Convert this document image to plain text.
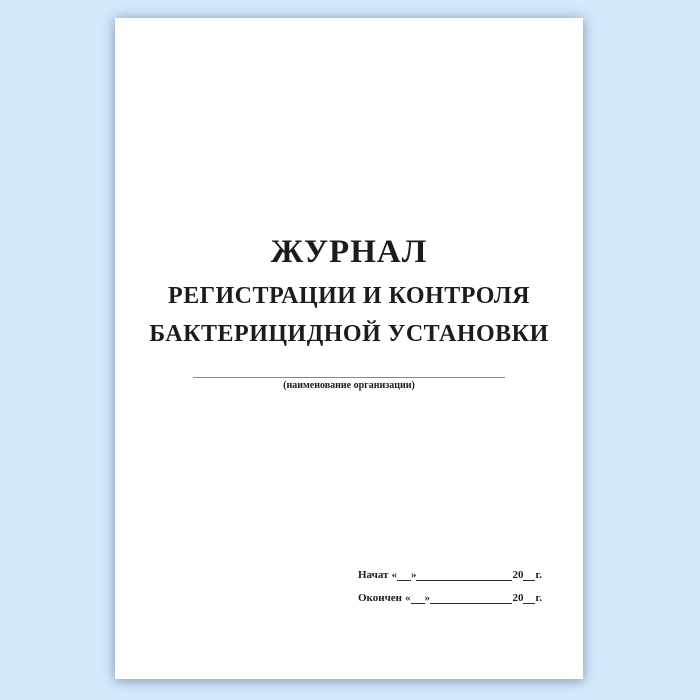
ЖУРНАЛ
РЕГИСТРАЦИИ И КОНТРОЛЯ
БАКТЕРИЦИДНОЙ УСТАНОВКИ
(наименование организации)
Начат « »	20 г.
Окончен « »	20 г.
